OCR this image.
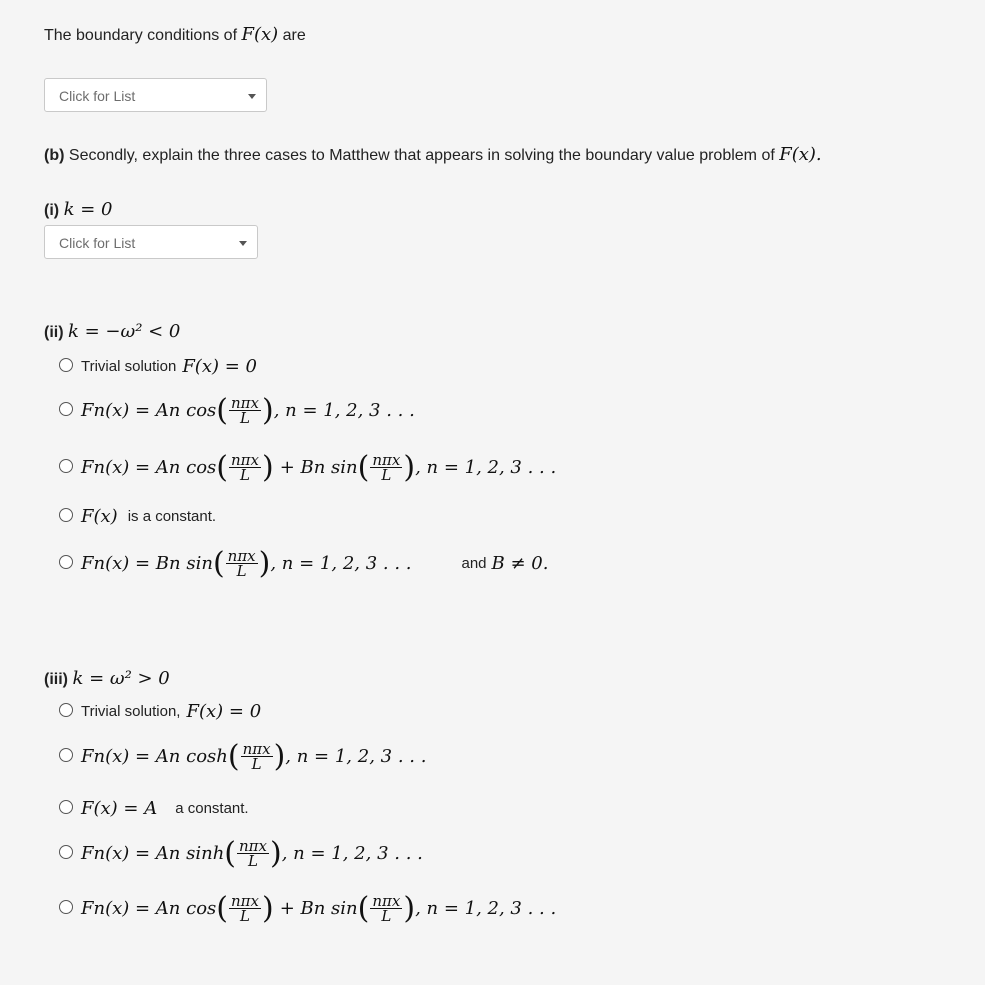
The boundary conditions of F(x) are
Click for List
(b) Secondly, explain the three cases to Matthew that appears in solving the boundary value problem of F(x).
(i) k = 0
Click for List
(ii) k = −ω² < 0
Trivial solution F(x) = 0
Fn(x) = An cos ( $\frac{\text{nπx}}{L}$ ) , n = 1, 2, 3 . . .
Fn(x) = An cos ( $\frac{\text{nπx}}{L}$ ) + Bn sin ( $\frac{\text{nπx}}{L}$ ) , n = 1, 2, 3 . . .
F(x) is a constant.
Fn(x) = Bn sin ( $\frac{\text{nπx}}{L}$ ) , n = 1, 2, 3 . . .	and B ≠ 0.
(iii) k = ω² > 0
Trivial solution, F(x) = 0
Fn(x) = An cosh ( $\frac{\text{nπx}}{L}$ ) , n = 1, 2, 3 . . .
F(x) = A a constant.
Fn(x) = An sinh ( $\frac{\text{nπx}}{L}$ ) , n = 1, 2, 3 . . .
Fn(x) = An cos ( $\frac{\text{nπx}}{L}$ ) + Bn sin ( $\frac{\text{nπx}}{L}$ ) , n = 1, 2, 3 . . .
